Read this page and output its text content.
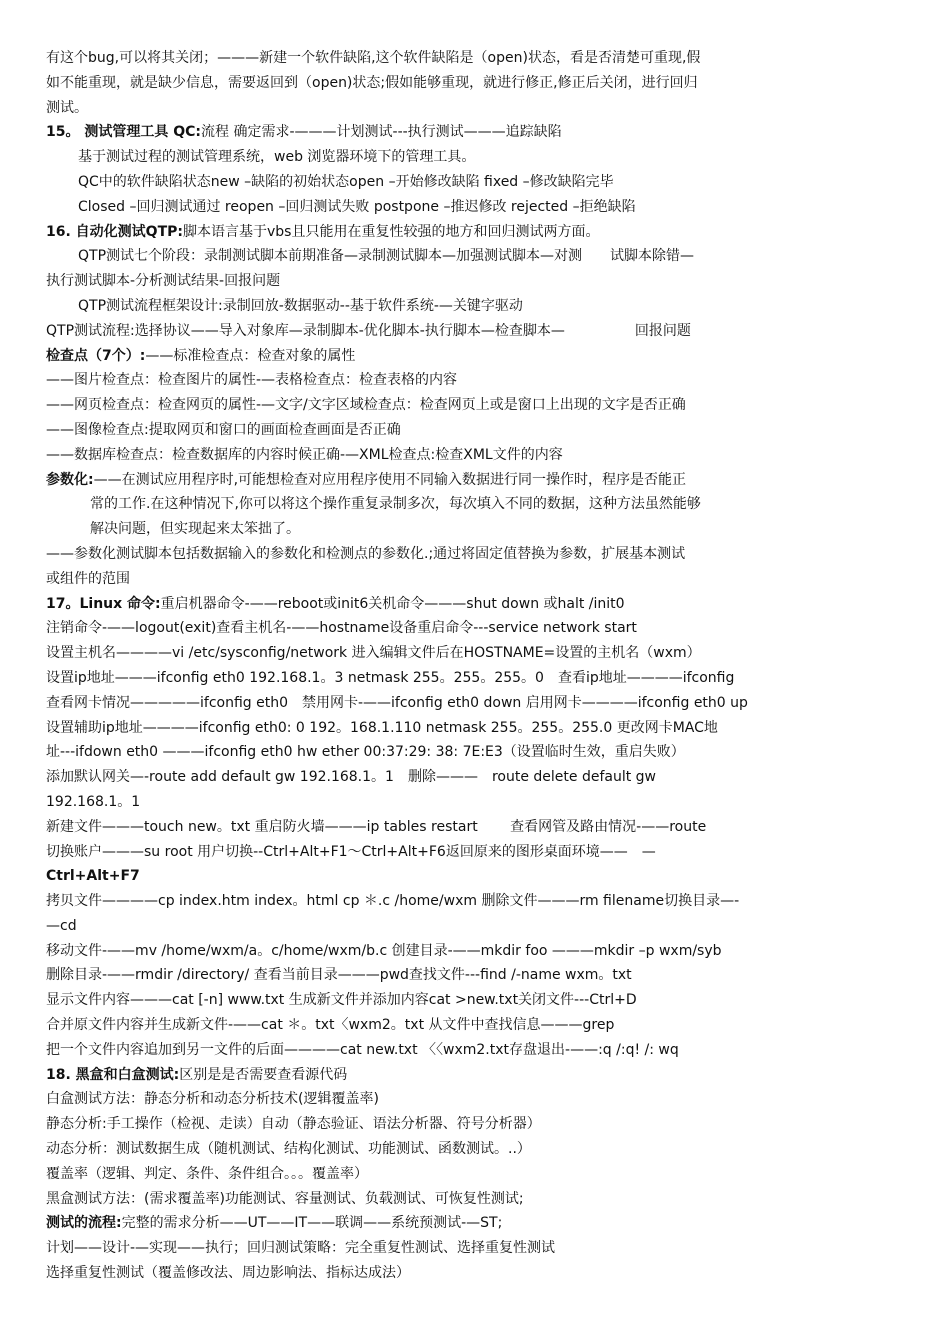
有这个bug,可以将其关闭；———新建一个软件缺陷,这个软件缺陷是（open)状态，看是否清楚可重现,假
如不能重现，就是缺少信息，需要返回到（open)状态;假如能够重现，就进行修正,修正后关闭，进行回归
测试。
15。 测试管理工具 QC:流程 确定需求-———计划测试---执行测试———追踪缺陷
基于测试过程的测试管理系统，web 浏览器环境下的管理工具。
QC中的软件缺陷状态new –缺陷的初始状态open –开始修改缺陷 fixed –修改缺陷完毕
Closed –回归测试通过 reopen –回归测试失败 postpone –推迟修改 rejected –拒绝缺陷
16. 自动化测试QTP:脚本语言基于vbs且只能用在重复性较强的地方和回归测试两方面。
QTP测试七个阶段：录制测试脚本前期准备—录制测试脚本—加强测试脚本—对测　　试脚本除错—
执行测试脚本-分析测试结果-回报问题
QTP测试流程框架设计:录制回放-数据驱动--基于软件系统-—关键字驱动
QTP测试流程:选择协议——导入对象库—录制脚本-优化脚本-执行脚本—检查脚本—　　　　　回报问题
检查点（7个）:——标准检查点：检查对象的属性
——图片检查点：检查图片的属性-—表格检查点：检查表格的内容
——网页检查点：检查网页的属性-—文字/文字区域检查点：检查网页上或是窗口上出现的文字是否正确
——图像检查点:提取网页和窗口的画面检查画面是否正确
——数据库检查点：检查数据库的内容时候正确-—XML检查点:检查XML文件的内容
参数化:——在测试应用程序时,可能想检查对应用程序使用不同输入数据进行同一操作时，程序是否能正
常的工作.在这种情况下,你可以将这个操作重复录制多次，每次填入不同的数据，这种方法虽然能够
解决问题，但实现起来太笨拙了。
——参数化测试脚本包括数据输入的参数化和检测点的参数化.;通过将固定值替换为参数，扩展基本测试
或组件的范围
17。Linux 命令:重启机器命令-——reboot或init6关机命令———shut down 或halt /init0
注销命令-——logout(exit)查看主机名-——hostname设备重启命令---service network start
设置主机名————vi /etc/sysconfig/network 进入编辑文件后在HOSTNAME=设置的主机名（wxm）
设置ip地址———ifconfig eth0 192.168.1。3 netmask 255。255。255。0　查看ip地址————ifconfig
查看网卡情况—————ifconfig eth0　禁用网卡-——ifconfig eth0 down 启用网卡————ifconfig eth0 up
设置辅助ip地址————ifconfig eth0: 0 192。168.1.110 netmask 255。255。255.0 更改网卡MAC地
址---ifdown eth0 ———ifconfig eth0 hw ether 00:37:29: 38: 7E:E3（设置临时生效，重启失败）
添加默认网关—-route add default gw 192.168.1。1　删除———　route delete default gw
192.168.1。1
新建文件———touch new。txt 重启防火墙———ip tables restart　　 查看网管及路由情况-——route
切换账户———su root 用户切换--Ctrl+Alt+F1～Ctrl+Alt+F6返回原来的图形桌面环境——　—
Ctrl+Alt+F7
拷贝文件————cp index.htm index。html cp ＊.c /home/wxm 删除文件———rm filename切换目录—-
—cd
移动文件-——mv /home/wxm/a。c/home/wxm/b.c 创建目录-——mkdir foo ———mkdir –p wxm/syb
删除目录-——rmdir /directory/ 查看当前目录———pwd查找文件---find /-name wxm。txt
显示文件内容———cat [-n] www.txt 生成新文件并添加内容cat >new.txt关闭文件---Ctrl+D
合并原文件内容并生成新文件-——cat ＊。txt〈wxm2。txt 从文件中查找信息———grep
把一个文件内容追加到另一文件的后面————cat new.txt 〈〈wxm2.txt存盘退出-——:q /:q! /: wq
18. 黑盒和白盒测试:区别是是否需要查看源代码
白盒测试方法：静态分析和动态分析技术(逻辑覆盖率)
静态分析:手工操作（检视、走读）自动（静态验证、语法分析器、符号分析器）
动态分析：测试数据生成（随机测试、结构化测试、功能测试、函数测试。..）
覆盖率（逻辑、判定、条件、条件组合。。。覆盖率）
黑盒测试方法：(需求覆盖率)功能测试、容量测试、负载测试、可恢复性测试;
测试的流程:完整的需求分析——UT——IT——联调——系统预测试-—ST;
计划——设计-—实现——执行；回归测试策略：完全重复性测试、选择重复性测试
选择重复性测试（覆盖修改法、周边影响法、指标达成法）
